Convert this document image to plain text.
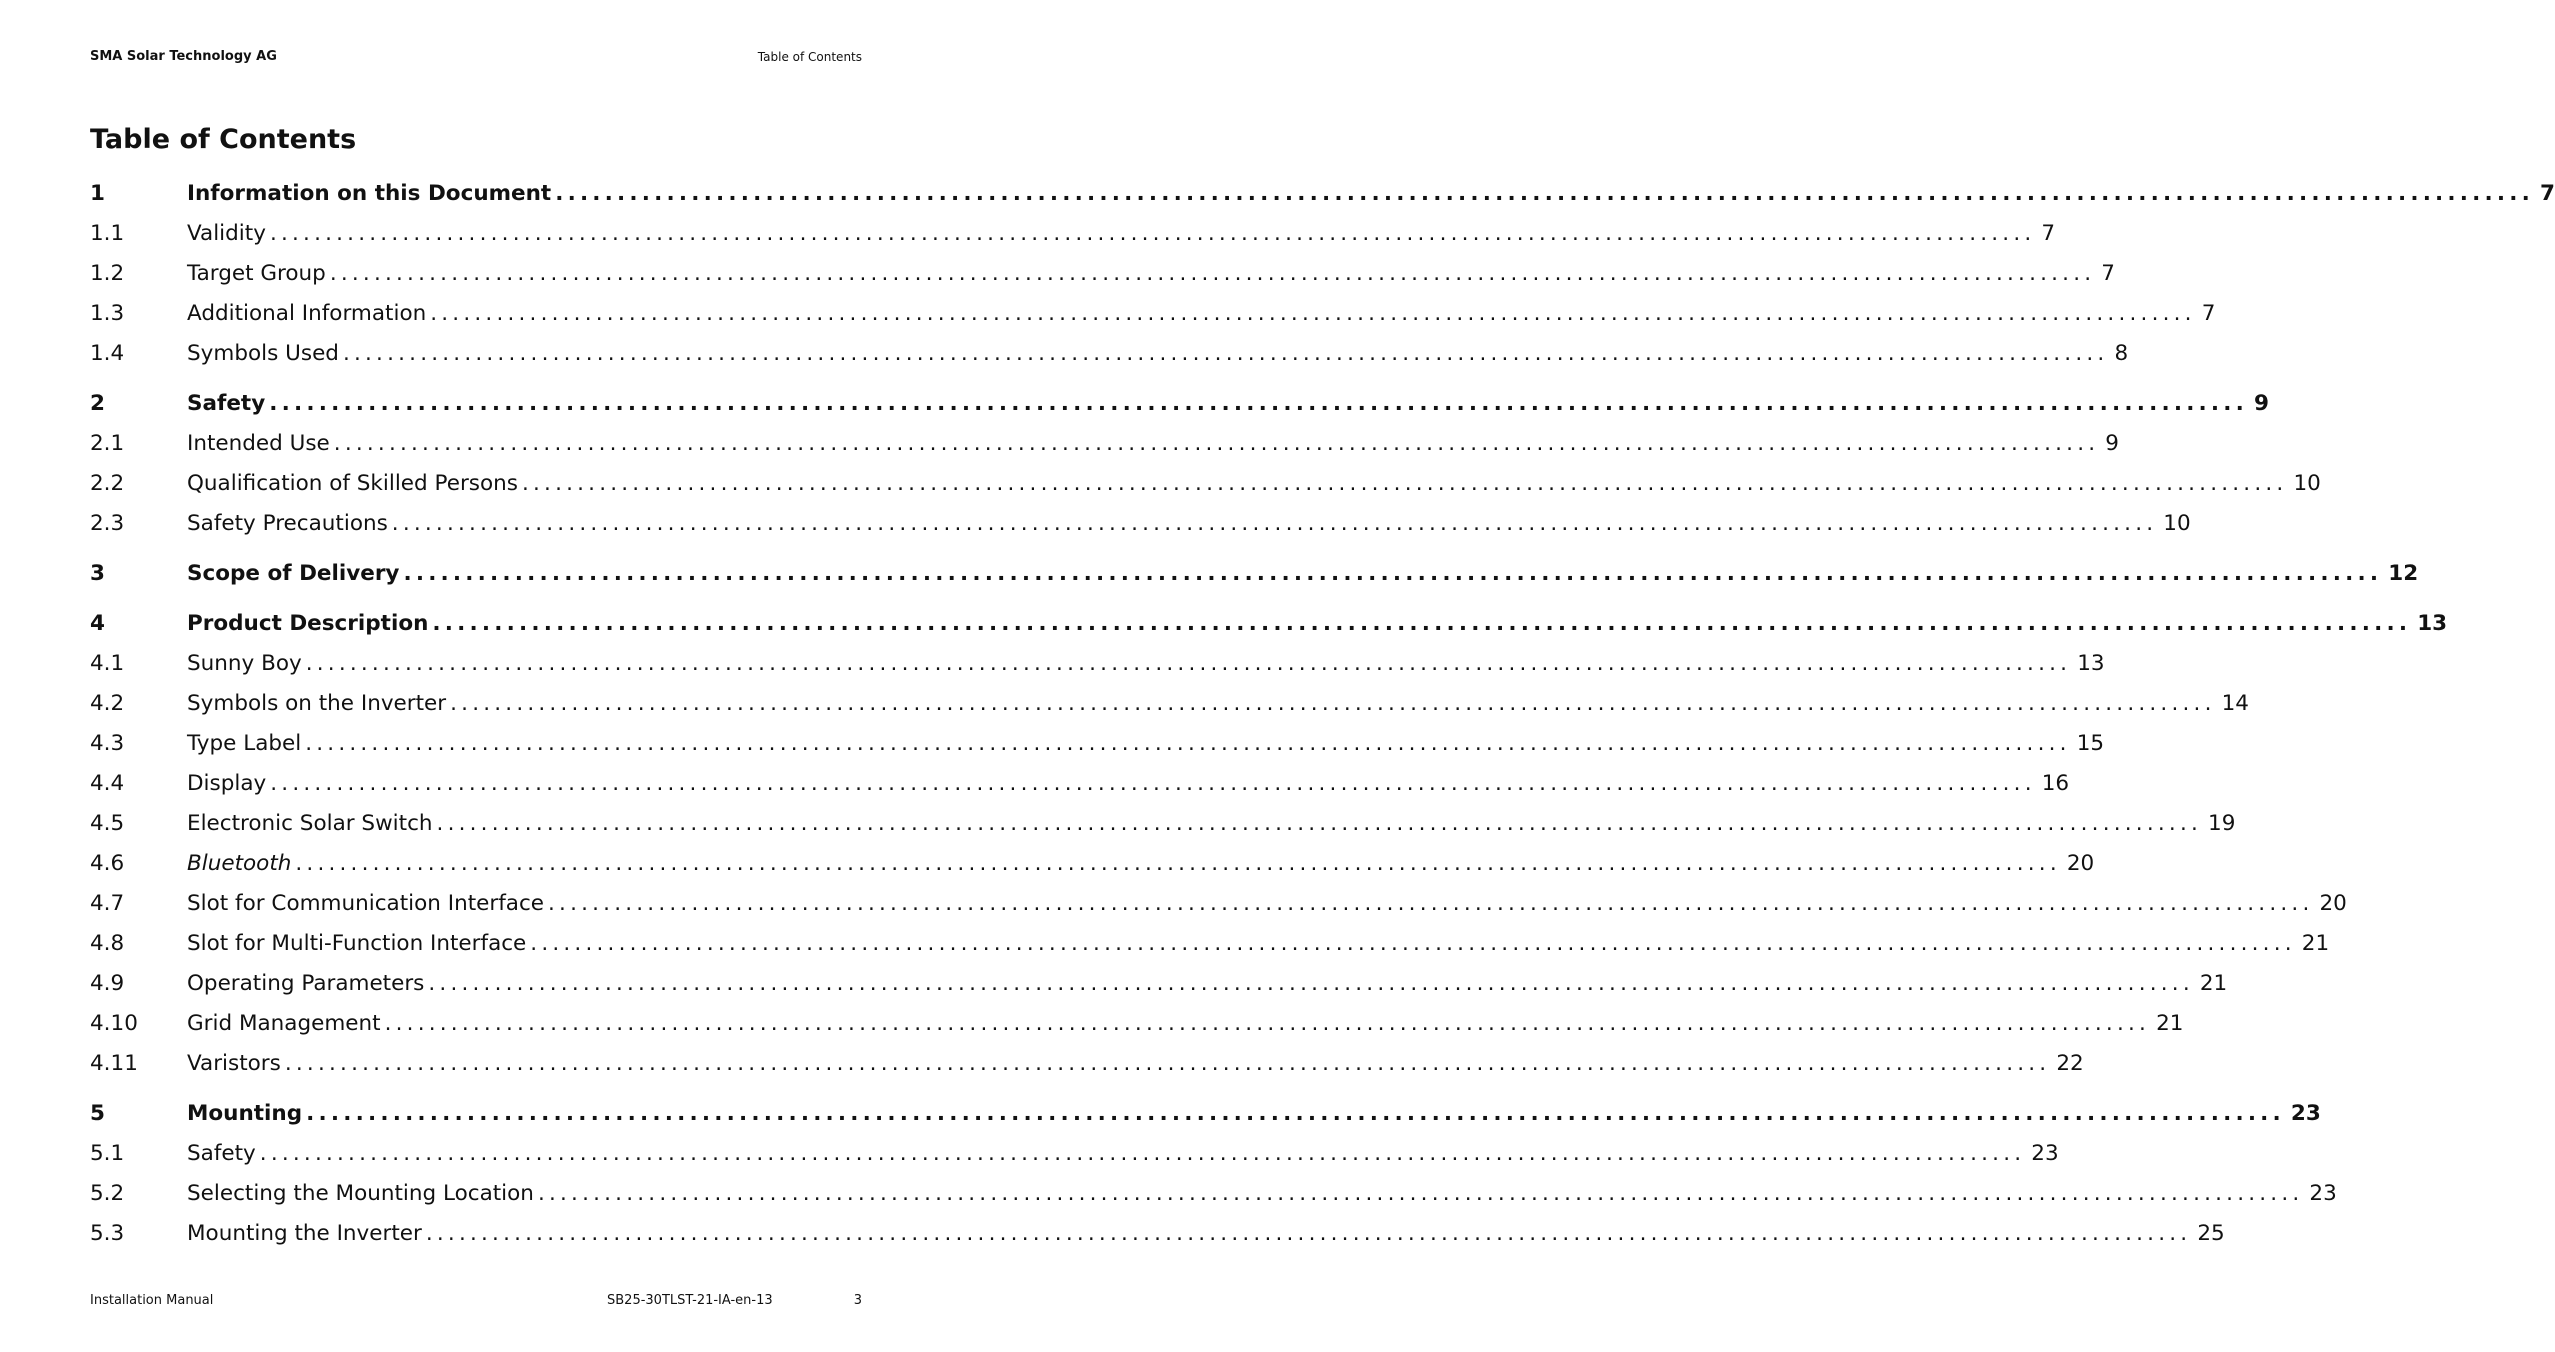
SMA Solar Technology AG	Table of Contents
Table of Contents
1	Information on this Document ................................................................................................................................................................ 7
1.1	Validity ................................................................................................................................................................ 7
1.2	Target Group ................................................................................................................................................................ 7
1.3	Additional Information ................................................................................................................................................................ 7
1.4	Symbols Used ................................................................................................................................................................ 8
2	Safety ................................................................................................................................................................ 9
2.1	Intended Use ................................................................................................................................................................ 9
2.2	Qualification of Skilled Persons ................................................................................................................................................................ 10
2.3	Safety Precautions ................................................................................................................................................................ 10
3	Scope of Delivery ................................................................................................................................................................ 12
4	Product Description ................................................................................................................................................................ 13
4.1	Sunny Boy ................................................................................................................................................................ 13
4.2	Symbols on the Inverter ................................................................................................................................................................ 14
4.3	Type Label ................................................................................................................................................................ 15
4.4	Display ................................................................................................................................................................ 16
4.5	Electronic Solar Switch ................................................................................................................................................................ 19
4.6	Bluetooth ................................................................................................................................................................ 20
4.7	Slot for Communication Interface ................................................................................................................................................................ 20
4.8	Slot for Multi-Function Interface ................................................................................................................................................................ 21
4.9	Operating Parameters ................................................................................................................................................................ 21
4.10	Grid Management ................................................................................................................................................................ 21
4.11	Varistors ................................................................................................................................................................ 22
5	Mounting ................................................................................................................................................................ 23
5.1	Safety ................................................................................................................................................................ 23
5.2	Selecting the Mounting Location ................................................................................................................................................................ 23
5.3	Mounting the Inverter ................................................................................................................................................................ 25
Installation Manual	SB25-30TLST-21-IA-en-13	3
